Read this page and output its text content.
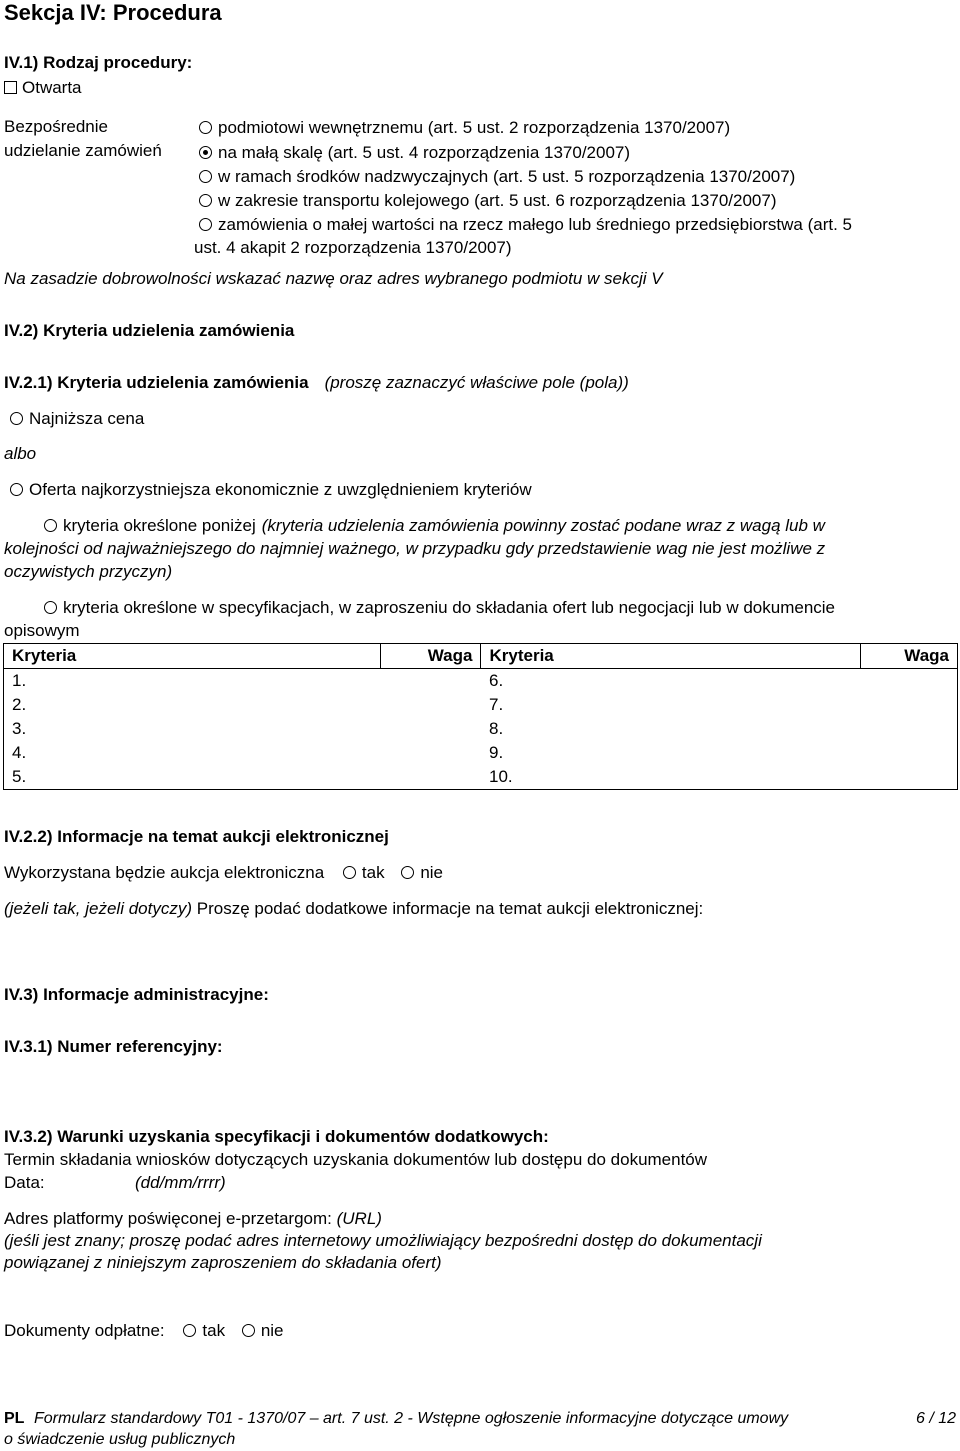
Sekcja IV: Procedura
IV.1) Rodzaj procedury:
Otwarta
Bezpośrednie
udzielanie zamówień
podmiotowi wewnętrznemu (art. 5 ust. 2 rozporządzenia 1370/2007)
na małą skalę (art. 5 ust. 4 rozporządzenia 1370/2007)
w ramach środków nadzwyczajnych (art. 5 ust. 5 rozporządzenia 1370/2007)
w zakresie transportu kolejowego (art. 5 ust. 6 rozporządzenia 1370/2007)
zamówienia o małej wartości na rzecz małego lub średniego przedsiębiorstwa (art. 5
ust. 4 akapit 2 rozporządzenia 1370/2007)
Na zasadzie dobrowolności wskazać nazwę oraz adres wybranego podmiotu w sekcji V
IV.2) Kryteria udzielenia zamówienia
IV.2.1) Kryteria udzielenia zamówienia (proszę zaznaczyć właściwe pole (pola))
Najniższa cena
albo
Oferta najkorzystniejsza ekonomicznie z uwzględnieniem kryteriów
kryteria określone poniżej (kryteria udzielenia zamówienia powinny zostać podane wraz z wagą lub w
kolejności od najważniejszego do najmniej ważnego, w przypadku gdy przedstawienie wag nie jest możliwe z
oczywistych przyczyn)
kryteria określone w specyfikacjach, w zaproszeniu do składania ofert lub negocjacji lub w dokumencie
opisowym
Kryteria	Waga	Kryteria	Waga
1.		6.	
2.		7.	
3.		8.	
4.		9.	
5.		10.	
IV.2.2) Informacje na temat aukcji elektronicznej
Wykorzystana będzie aukcja elektroniczna tak nie
(jeżeli tak, jeżeli dotyczy) Proszę podać dodatkowe informacje na temat aukcji elektronicznej:
IV.3) Informacje administracyjne:
IV.3.1) Numer referencyjny:
IV.3.2) Warunki uzyskania specyfikacji i dokumentów dodatkowych:
Termin składania wniosków dotyczących uzyskania dokumentów lub dostępu do dokumentów
Data:	(dd/mm/rrrr)
Adres platformy poświęconej e-przetargom: (URL)
(jeśli jest znany; proszę podać adres internetowy umożliwiający bezpośredni dostęp do dokumentacji
powiązanej z niniejszym zaproszeniem do składania ofert)
Dokumenty odpłatne: tak nie
PL Formularz standardowy T01 - 1370/07 – art. 7 ust. 2 - Wstępne ogłoszenie informacyjne dotyczące umowy
o świadczenie usług publicznych
6 / 12
